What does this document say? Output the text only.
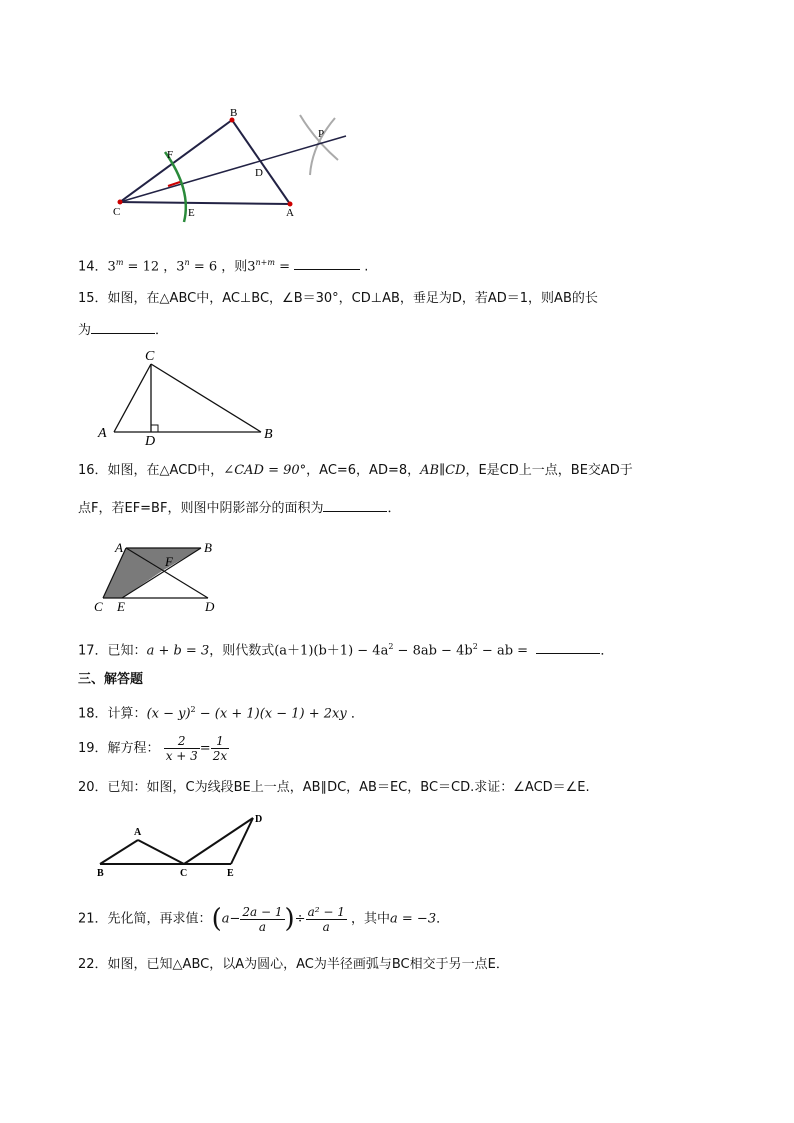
B
F
P
D
C	E	A
14．$3^m = 12$ ，$3^n = 6$ ，则$3^{n+m}$ =	.
15．如图，在△ABC中，AC⊥BC，∠B＝30°，CD⊥AB，垂足为D，若AD＝1，则AB的长
为	．
C
A
D	B
16．如图，在△ACD中，∠CAD = 90°，AC=6，AD=8，AB∥CD，E是CD上一点，BE交AD于
点F，若EF=BF，则图中阴影部分的面积为	．
A	B
F
C E	D
17．已知：a + b = 3，则代数式$(a+1)(b+1) - 4a^2 - 8ab - 4b^2$ − ab =	．
三、解答题
18．计算：$(x - y)^2 - (x + 1)(x - 1) + 2xy$ ．
19．解方程： $\frac{2}{x + 3} = \frac{1}{2x}$
20．已知：如图，C为线段BE上一点，AB∥DC，AB＝EC，BC＝CD.求证：∠ACD＝∠E.
A
D
B	C	E
21．先化简，再求值：($a- \frac{2a - 1}{a}$ )÷ $\frac{\text{a² − 1}}{a}$ ，其中a = −3．
22．如图，已知△ABC，以A为圆心，AC为半径画弧与BC相交于另一点E．
